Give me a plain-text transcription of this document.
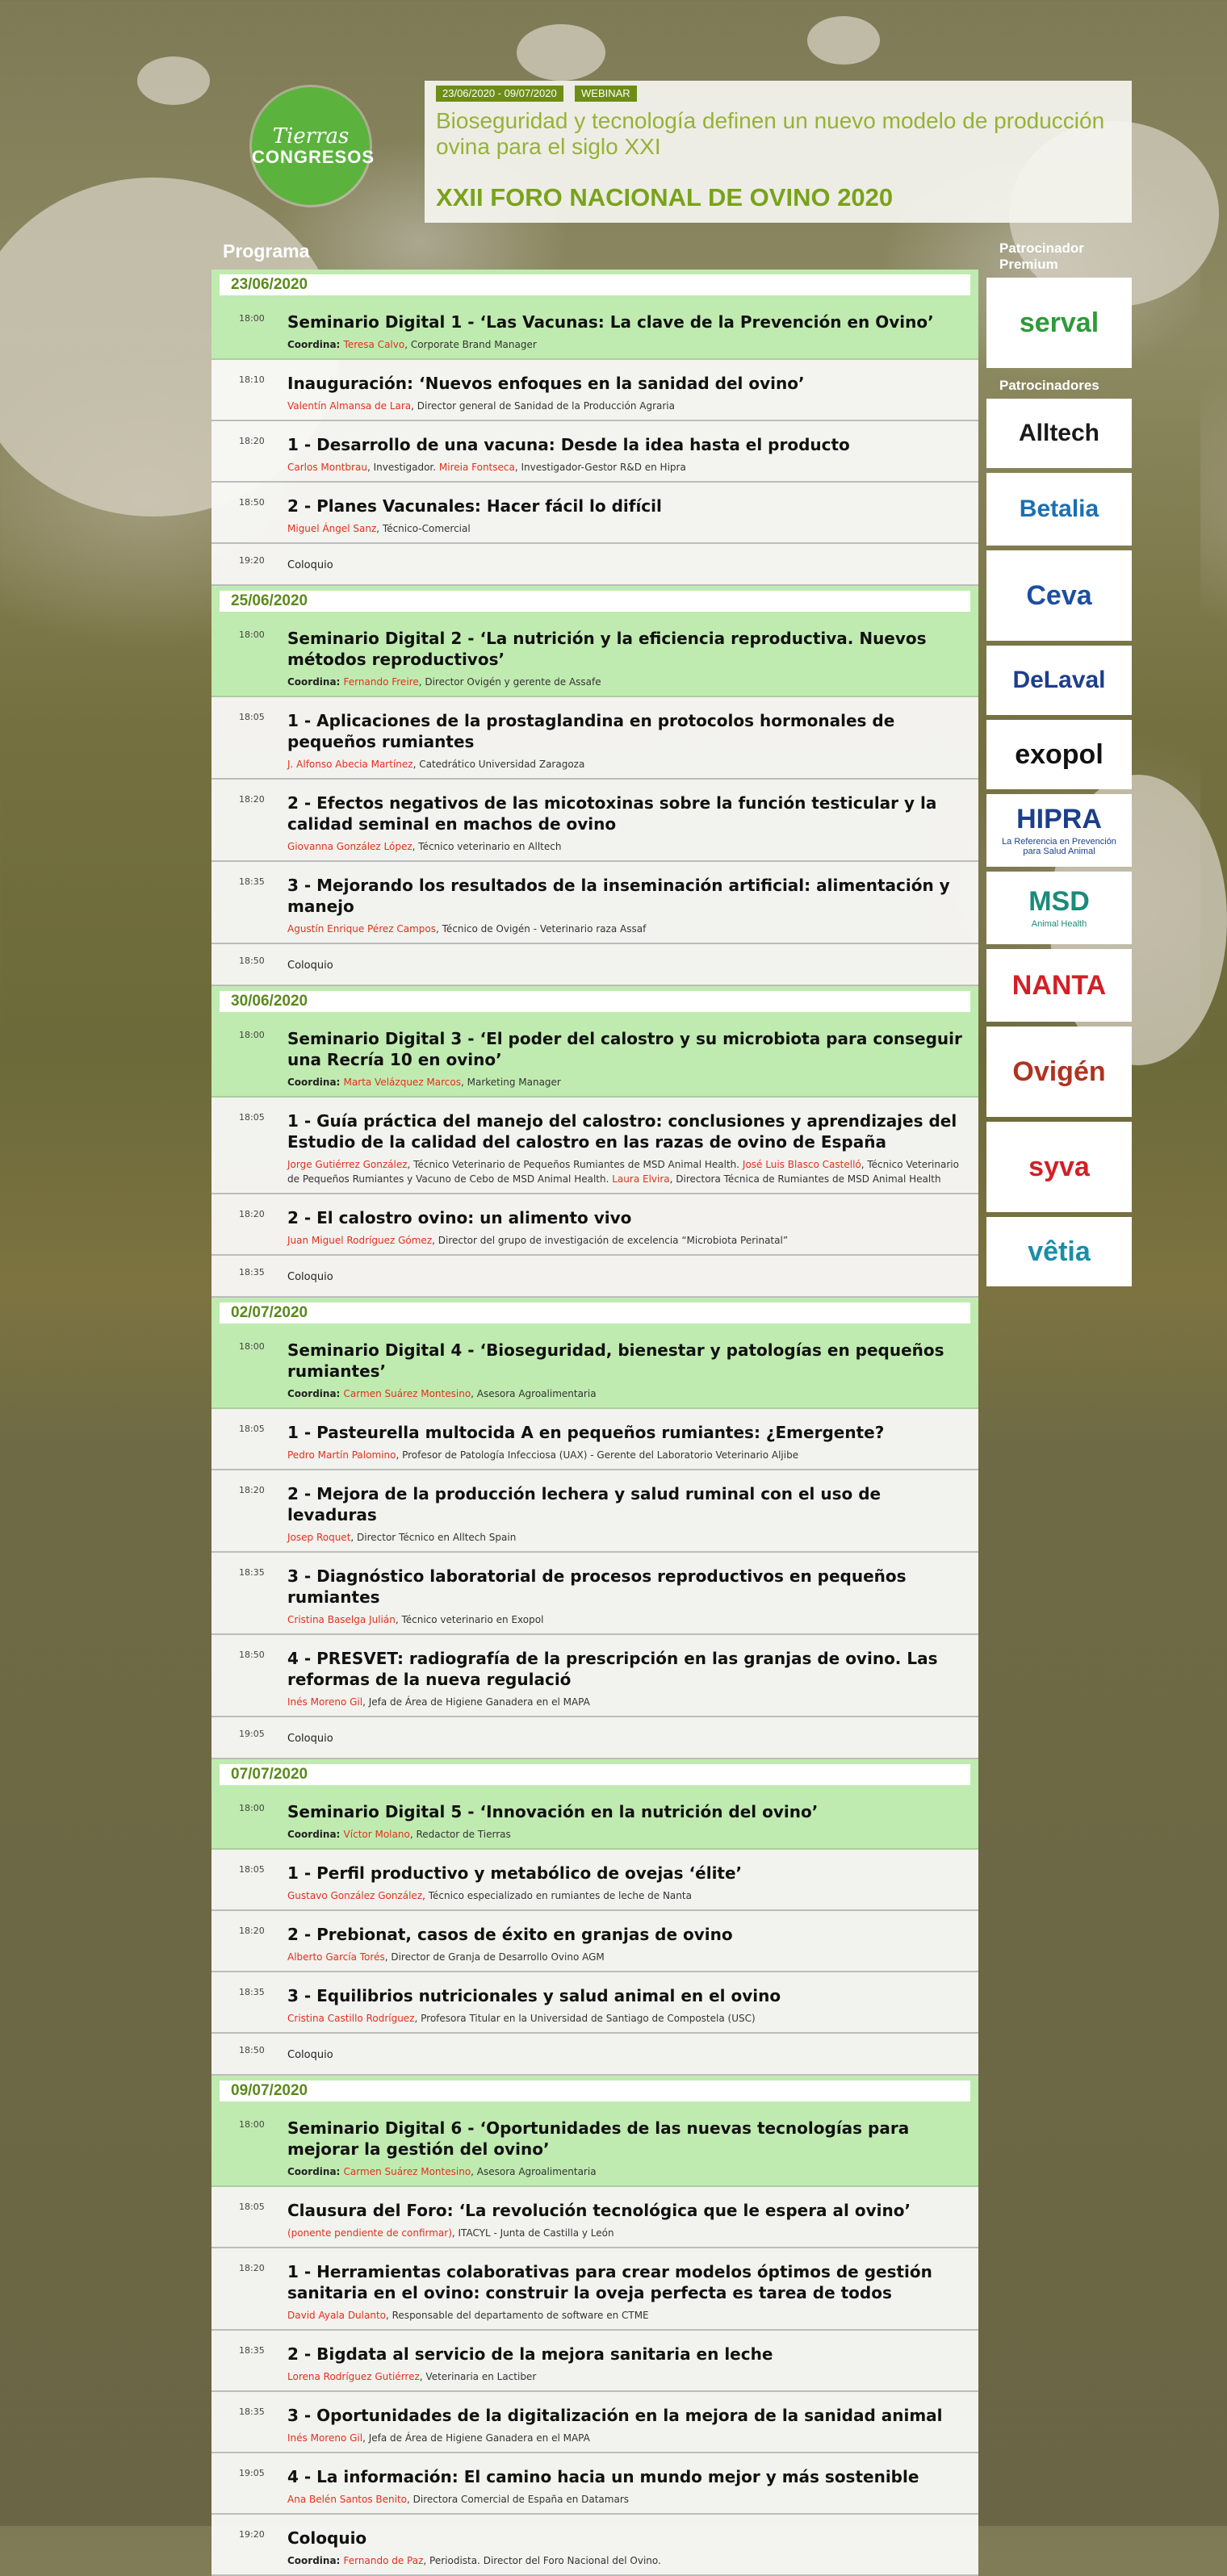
Tierras
CONGRESOS
23/06/2020 - 09/07/2020	WEBINAR
Bioseguridad y tecnología definen un nuevo modelo de producción ovina para el siglo XXI
XXII FORO NACIONAL DE OVINO 2020
Programa
23/06/2020
18:00 Seminario Digital 1 - ‘Las Vacunas: La clave de la Prevención en Ovino’
Coordina: Teresa Calvo, Corporate Brand Manager
18:10 Inauguración: ‘Nuevos enfoques en la sanidad del ovino’
Valentín Almansa de Lara, Director general de Sanidad de la Producción Agraria
18:20 1 - Desarrollo de una vacuna: Desde la idea hasta el producto
Carlos Montbrau, Investigador. Mireia Fontseca, Investigador-Gestor R&D en Hipra
18:50 2 - Planes Vacunales: Hacer fácil lo difícil
Miguel Ángel Sanz, Técnico-Comercial
19:20 Coloquio
25/06/2020
18:00 Seminario Digital 2 - ‘La nutrición y la eficiencia reproductiva. Nuevos métodos reproductivos’
Coordina: Fernando Freire, Director Ovigén y gerente de Assafe
18:05 1 - Aplicaciones de la prostaglandina en protocolos hormonales de pequeños rumiantes
J. Alfonso Abecia Martínez, Catedrático Universidad Zaragoza
18:20 2 - Efectos negativos de las micotoxinas sobre la función testicular y la calidad seminal en machos de ovino
Giovanna González López, Técnico veterinario en Alltech
18:35 3 - Mejorando los resultados de la inseminación artificial: alimentación y manejo
Agustín Enrique Pérez Campos, Técnico de Ovigén - Veterinario raza Assaf
18:50 Coloquio
30/06/2020
18:00 Seminario Digital 3 - ‘El poder del calostro y su microbiota para conseguir una Recría 10 en ovino’
Coordina: Marta Velázquez Marcos, Marketing Manager
18:05 1 - Guía práctica del manejo del calostro: conclusiones y aprendizajes del Estudio de la calidad del calostro en las razas de ovino de España
Jorge Gutiérrez González, Técnico Veterinario de Pequeños Rumiantes de MSD Animal Health. José Luis Blasco Castelló, Técnico Veterinario de Pequeños Rumiantes y Vacuno de Cebo de MSD Animal Health. Laura Elvira, Directora Técnica de Rumiantes de MSD Animal Health
18:20 2 - El calostro ovino: un alimento vivo
Juan Miguel Rodríguez Gómez, Director del grupo de investigación de excelencia “Microbiota Perinatal”
18:35 Coloquio
02/07/2020
18:00 Seminario Digital 4 - ‘Bioseguridad, bienestar y patologías en pequeños rumiantes’
Coordina: Carmen Suárez Montesino, Asesora Agroalimentaria
18:05 1 - Pasteurella multocida A en pequeños rumiantes: ¿Emergente?
Pedro Martín Palomino, Profesor de Patología Infecciosa (UAX) - Gerente del Laboratorio Veterinario Aljibe
18:20 2 - Mejora de la producción lechera y salud ruminal con el uso de levaduras
Josep Roquet, Director Técnico en Alltech Spain
18:35 3 - Diagnóstico laboratorial de procesos reproductivos en pequeños rumiantes
Cristina Baselga Julián, Técnico veterinario en Exopol
18:50 4 - PRESVET: radiografía de la prescripción en las granjas de ovino. Las reformas de la nueva regulació
Inés Moreno Gil, Jefa de Área de Higiene Ganadera en el MAPA
19:05 Coloquio
07/07/2020
18:00 Seminario Digital 5 - ‘Innovación en la nutrición del ovino’
Coordina: Víctor Molano, Redactor de Tierras
18:05 1 - Perfil productivo y metabólico de ovejas ‘élite’
Gustavo González González, Técnico especializado en rumiantes de leche de Nanta
18:20 2 - Prebionat, casos de éxito en granjas de ovino
Alberto García Torés, Director de Granja de Desarrollo Ovino AGM
18:35 3 - Equilibrios nutricionales y salud animal en el ovino
Cristina Castillo Rodríguez, Profesora Titular en la Universidad de Santiago de Compostela (USC)
18:50 Coloquio
09/07/2020
18:00 Seminario Digital 6 - ‘Oportunidades de las nuevas tecnologías para mejorar la gestión del ovino’
Coordina: Carmen Suárez Montesino, Asesora Agroalimentaria
18:05 Clausura del Foro: ‘La revolución tecnológica que le espera al ovino’
(ponente pendiente de confirmar), ITACYL - Junta de Castilla y León
18:20 1 - Herramientas colaborativas para crear modelos óptimos de gestión sanitaria en el ovino: construir la oveja perfecta es tarea de todos
David Ayala Dulanto, Responsable del departamento de software en CTME
18:35 2 - Bigdata al servicio de la mejora sanitaria en leche
Lorena Rodríguez Gutiérrez, Veterinaria en Lactiber
18:35 3 - Oportunidades de la digitalización en la mejora de la sanidad animal
Inés Moreno Gil, Jefa de Área de Higiene Ganadera en el MAPA
19:05 4 - La información: El camino hacia un mundo mejor y más sostenible
Ana Belén Santos Benito, Directora Comercial de España en Datamars
19:20 Coloquio
Coordina: Fernando de Paz, Periodista. Director del Foro Nacional del Ovino.
Patrocinador Premium
serval
Patrocinadores
Alltech
Betalia
Ceva
DeLaval
exopol
HIPRA
La Referencia en Prevención para Salud Animal
MSD
Animal Health
NANTA
Ovigén
syva
vêtia
